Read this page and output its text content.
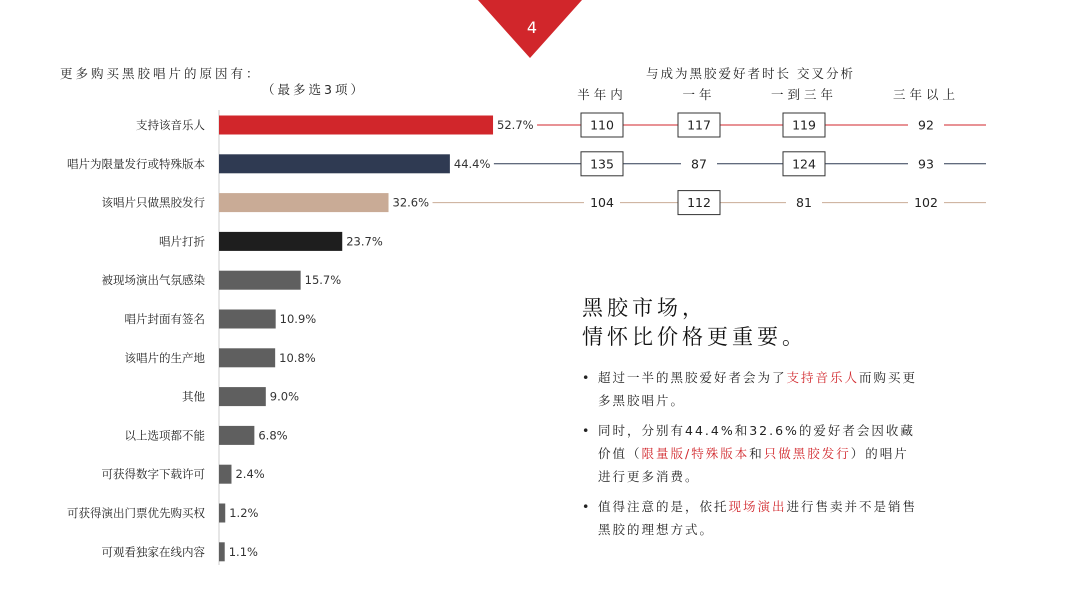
4
更多购买黑胶唱片的原因有：
（最多选3项）
与成为黑胶爱好者时长 交叉分析
支持该音乐人	52.7%
唱片为限量发行或特殊版本	44.4%
该唱片只做黑胶发行	32.6%
唱片打折	23.7%
被现场演出气氛感染	15.7%
唱片封面有签名	10.9%
该唱片的生产地	10.8%
其他	9.0%
以上选项都不能	6.8%
可获得数字下载许可	2.4%
可获得演出门票优先购买权 1.2%
可观看独家在线内容 1.1%
半年内	一年	一到三年	三年以上
110	117	119	92
135	87	124	93
104	112	81	102
黑胶市场，
情怀比价格更重要。
• 超过一半的黑胶爱好者会为了支持音乐人而购买更多黑胶唱片。
• 同时，分别有44.4%和32.6%的爱好者会因收藏价值（限量版/特殊版本和只做黑胶发行）的唱片进行更多消费。
• 值得注意的是，依托现场演出进行售卖并不是销售黑胶的理想方式。
